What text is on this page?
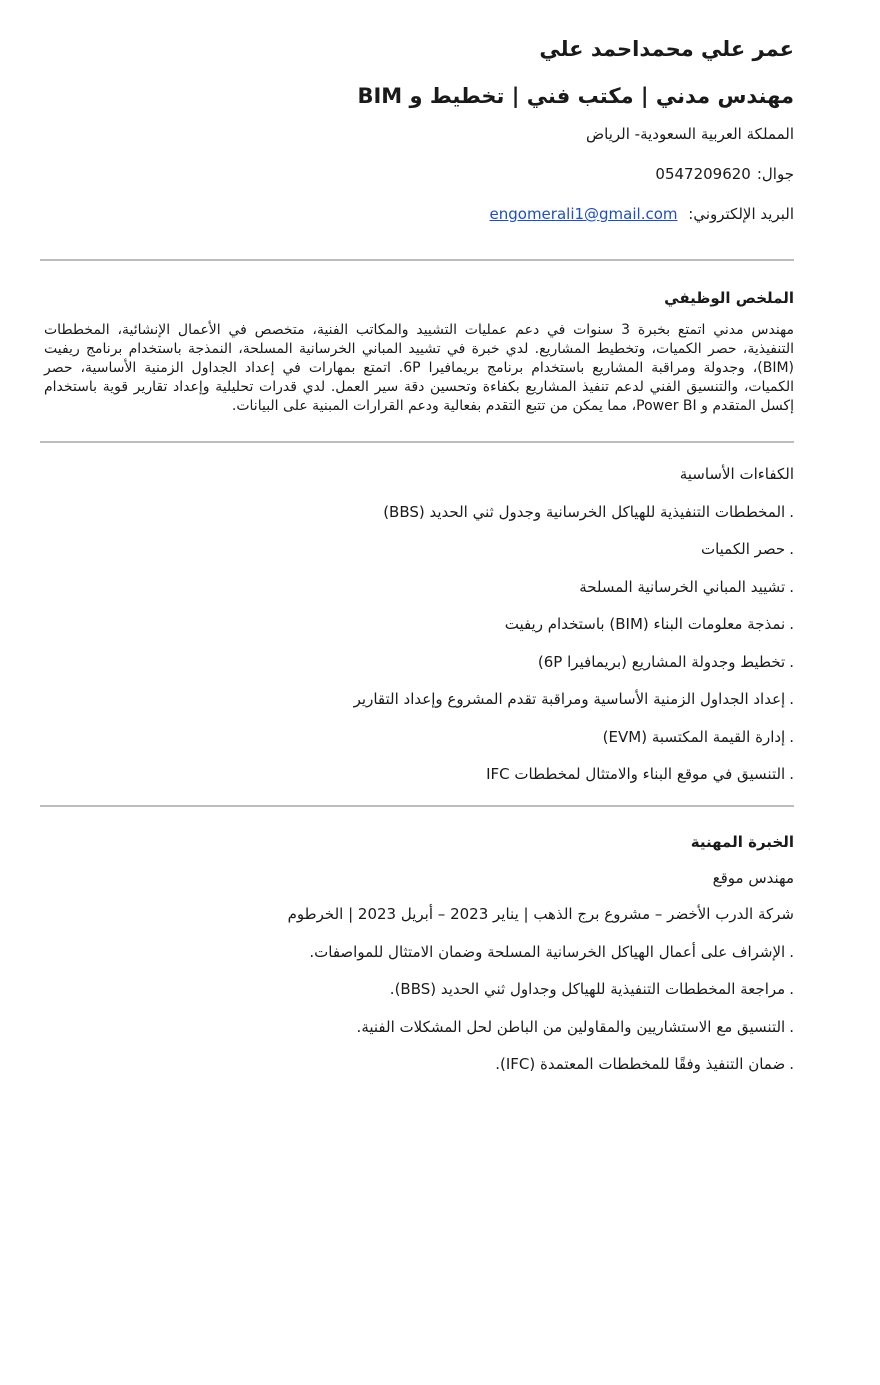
عمر علي محمداحمد علي
مهندس مدني | مكتب فني | تخطيط و BIM
المملكة العربية السعودية- الرياض
جوال:0547209620
البريد الإلكتروني: engomerali1@gmail.com
الملخص الوظيفي
مهندس مدني اتمتع بخبرة 3 سنوات في دعم عمليات التشييد والمكاتب الفنية، متخصص في الأعمال الإنشائية، المخططات التنفيذية، حصر الكميات، وتخطيط المشاريع. لدي خبرة في تشييد المباني الخرسانية المسلحة، النمذجة باستخدام برنامج ريفيت (BIM)، وجدولة ومراقبة المشاريع باستخدام برنامج بريمافيرا 6P. اتمتع بمهارات في إعداد الجداول الزمنية الأساسية، حصر الكميات، والتنسيق الفني لدعم تنفيذ المشاريع بكفاءة وتحسين دقة سير العمل. لدي قدرات تحليلية وإعداد تقارير قوية باستخدام إكسل المتقدم و Power BI، مما يمكن من تتبع التقدم بفعالية ودعم القرارات المبنية على البيانات.
الكفاءات الأساسية
.المخططات التنفيذية للهياكل الخرسانية وجدول ثني الحديد (BBS)
.حصر الكميات
.تشييد المباني الخرسانية المسلحة
.نمذجة معلومات البناء (BIM) باستخدام ريفيت
.تخطيط وجدولة المشاريع (بريمافيرا 6P)
.إعداد الجداول الزمنية الأساسية ومراقبة تقدم المشروع وإعداد التقارير
.إدارة القيمة المكتسبة (EVM)
.التنسيق في موقع البناء والامتثال لمخططات IFC
الخبرة المهنية
مهندس موقع
شركة الدرب الأخضر – مشروع برج الذهب | يناير 2023 – أبريل 2023 | الخرطوم
.الإشراف على أعمال الهياكل الخرسانية المسلحة وضمان الامتثال للمواصفات.
.مراجعة المخططات التنفيذية للهياكل وجداول ثني الحديد (BBS).
.التنسيق مع الاستشاريين والمقاولين من الباطن لحل المشكلات الفنية.
.ضمان التنفيذ وفقًا للمخططات المعتمدة (IFC).
